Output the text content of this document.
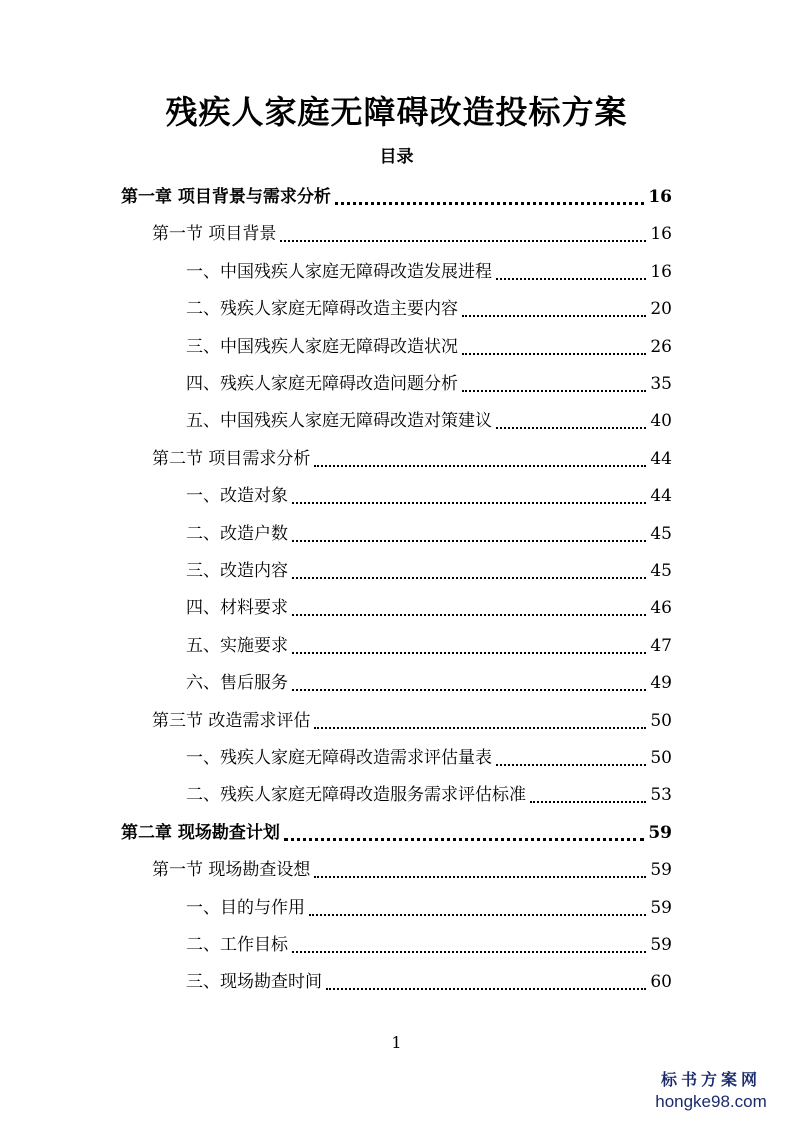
残疾人家庭无障碍改造投标方案
目录
第一章 项目背景与需求分析	16
第一节 项目背景	16
一、中国残疾人家庭无障碍改造发展进程	16
二、残疾人家庭无障碍改造主要内容	20
三、中国残疾人家庭无障碍改造状况	26
四、残疾人家庭无障碍改造问题分析	35
五、中国残疾人家庭无障碍改造对策建议	40
第二节 项目需求分析	44
一、改造对象	44
二、改造户数	45
三、改造内容	45
四、材料要求	46
五、实施要求	47
六、售后服务	49
第三节 改造需求评估	50
一、残疾人家庭无障碍改造需求评估量表	50
二、残疾人家庭无障碍改造服务需求评估标准	53
第二章 现场勘查计划	59
第一节 现场勘查设想	59
一、目的与作用	59
二、工作目标	59
三、现场勘查时间	60
1
标书方案网
hongke98.com
